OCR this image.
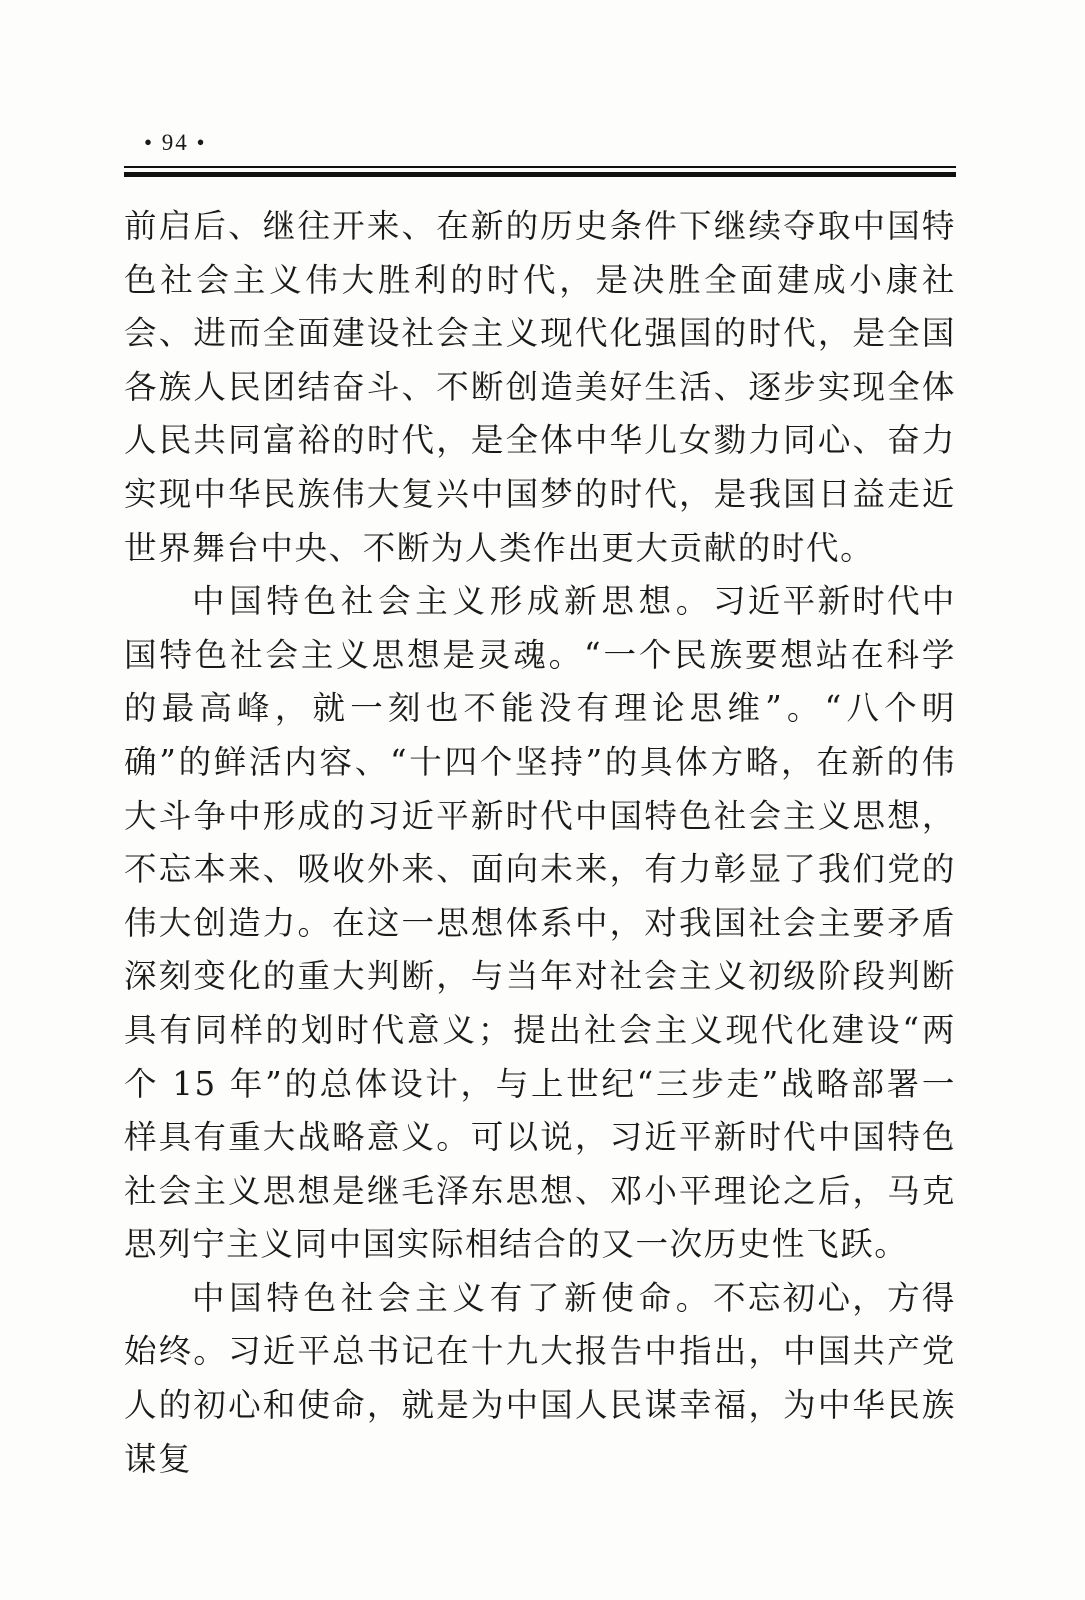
• 94 •

前启后、继往开来、在新的历史条件下继续夺取中国特色社会主义伟大胜利的时代，是决胜全面建成小康社会、进而全面建设社会主义现代化强国的时代，是全国各族人民团结奋斗、不断创造美好生活、逐步实现全体人民共同富裕的时代，是全体中华儿女勠力同心、奋力实现中华民族伟大复兴中国梦的时代，是我国日益走近世界舞台中央、不断为人类作出更大贡献的时代。

中国特色社会主义形成新思想。习近平新时代中国特色社会主义思想是灵魂。“一个民族要想站在科学的最高峰，就一刻也不能没有理论思维”。“八个明确”的鲜活内容、“十四个坚持”的具体方略，在新的伟大斗争中形成的习近平新时代中国特色社会主义思想，不忘本来、吸收外来、面向未来，有力彰显了我们党的伟大创造力。在这一思想体系中，对我国社会主要矛盾深刻变化的重大判断，与当年对社会主义初级阶段判断具有同样的划时代意义；提出社会主义现代化建设“两个 15 年”的总体设计，与上世纪“三步走”战略部署一样具有重大战略意义。可以说，习近平新时代中国特色社会主义思想是继毛泽东思想、邓小平理论之后，马克思列宁主义同中国实际相结合的又一次历史性飞跃。

中国特色社会主义有了新使命。不忘初心，方得始终。习近平总书记在十九大报告中指出，中国共产党人的初心和使命，就是为中国人民谋幸福，为中华民族谋复
